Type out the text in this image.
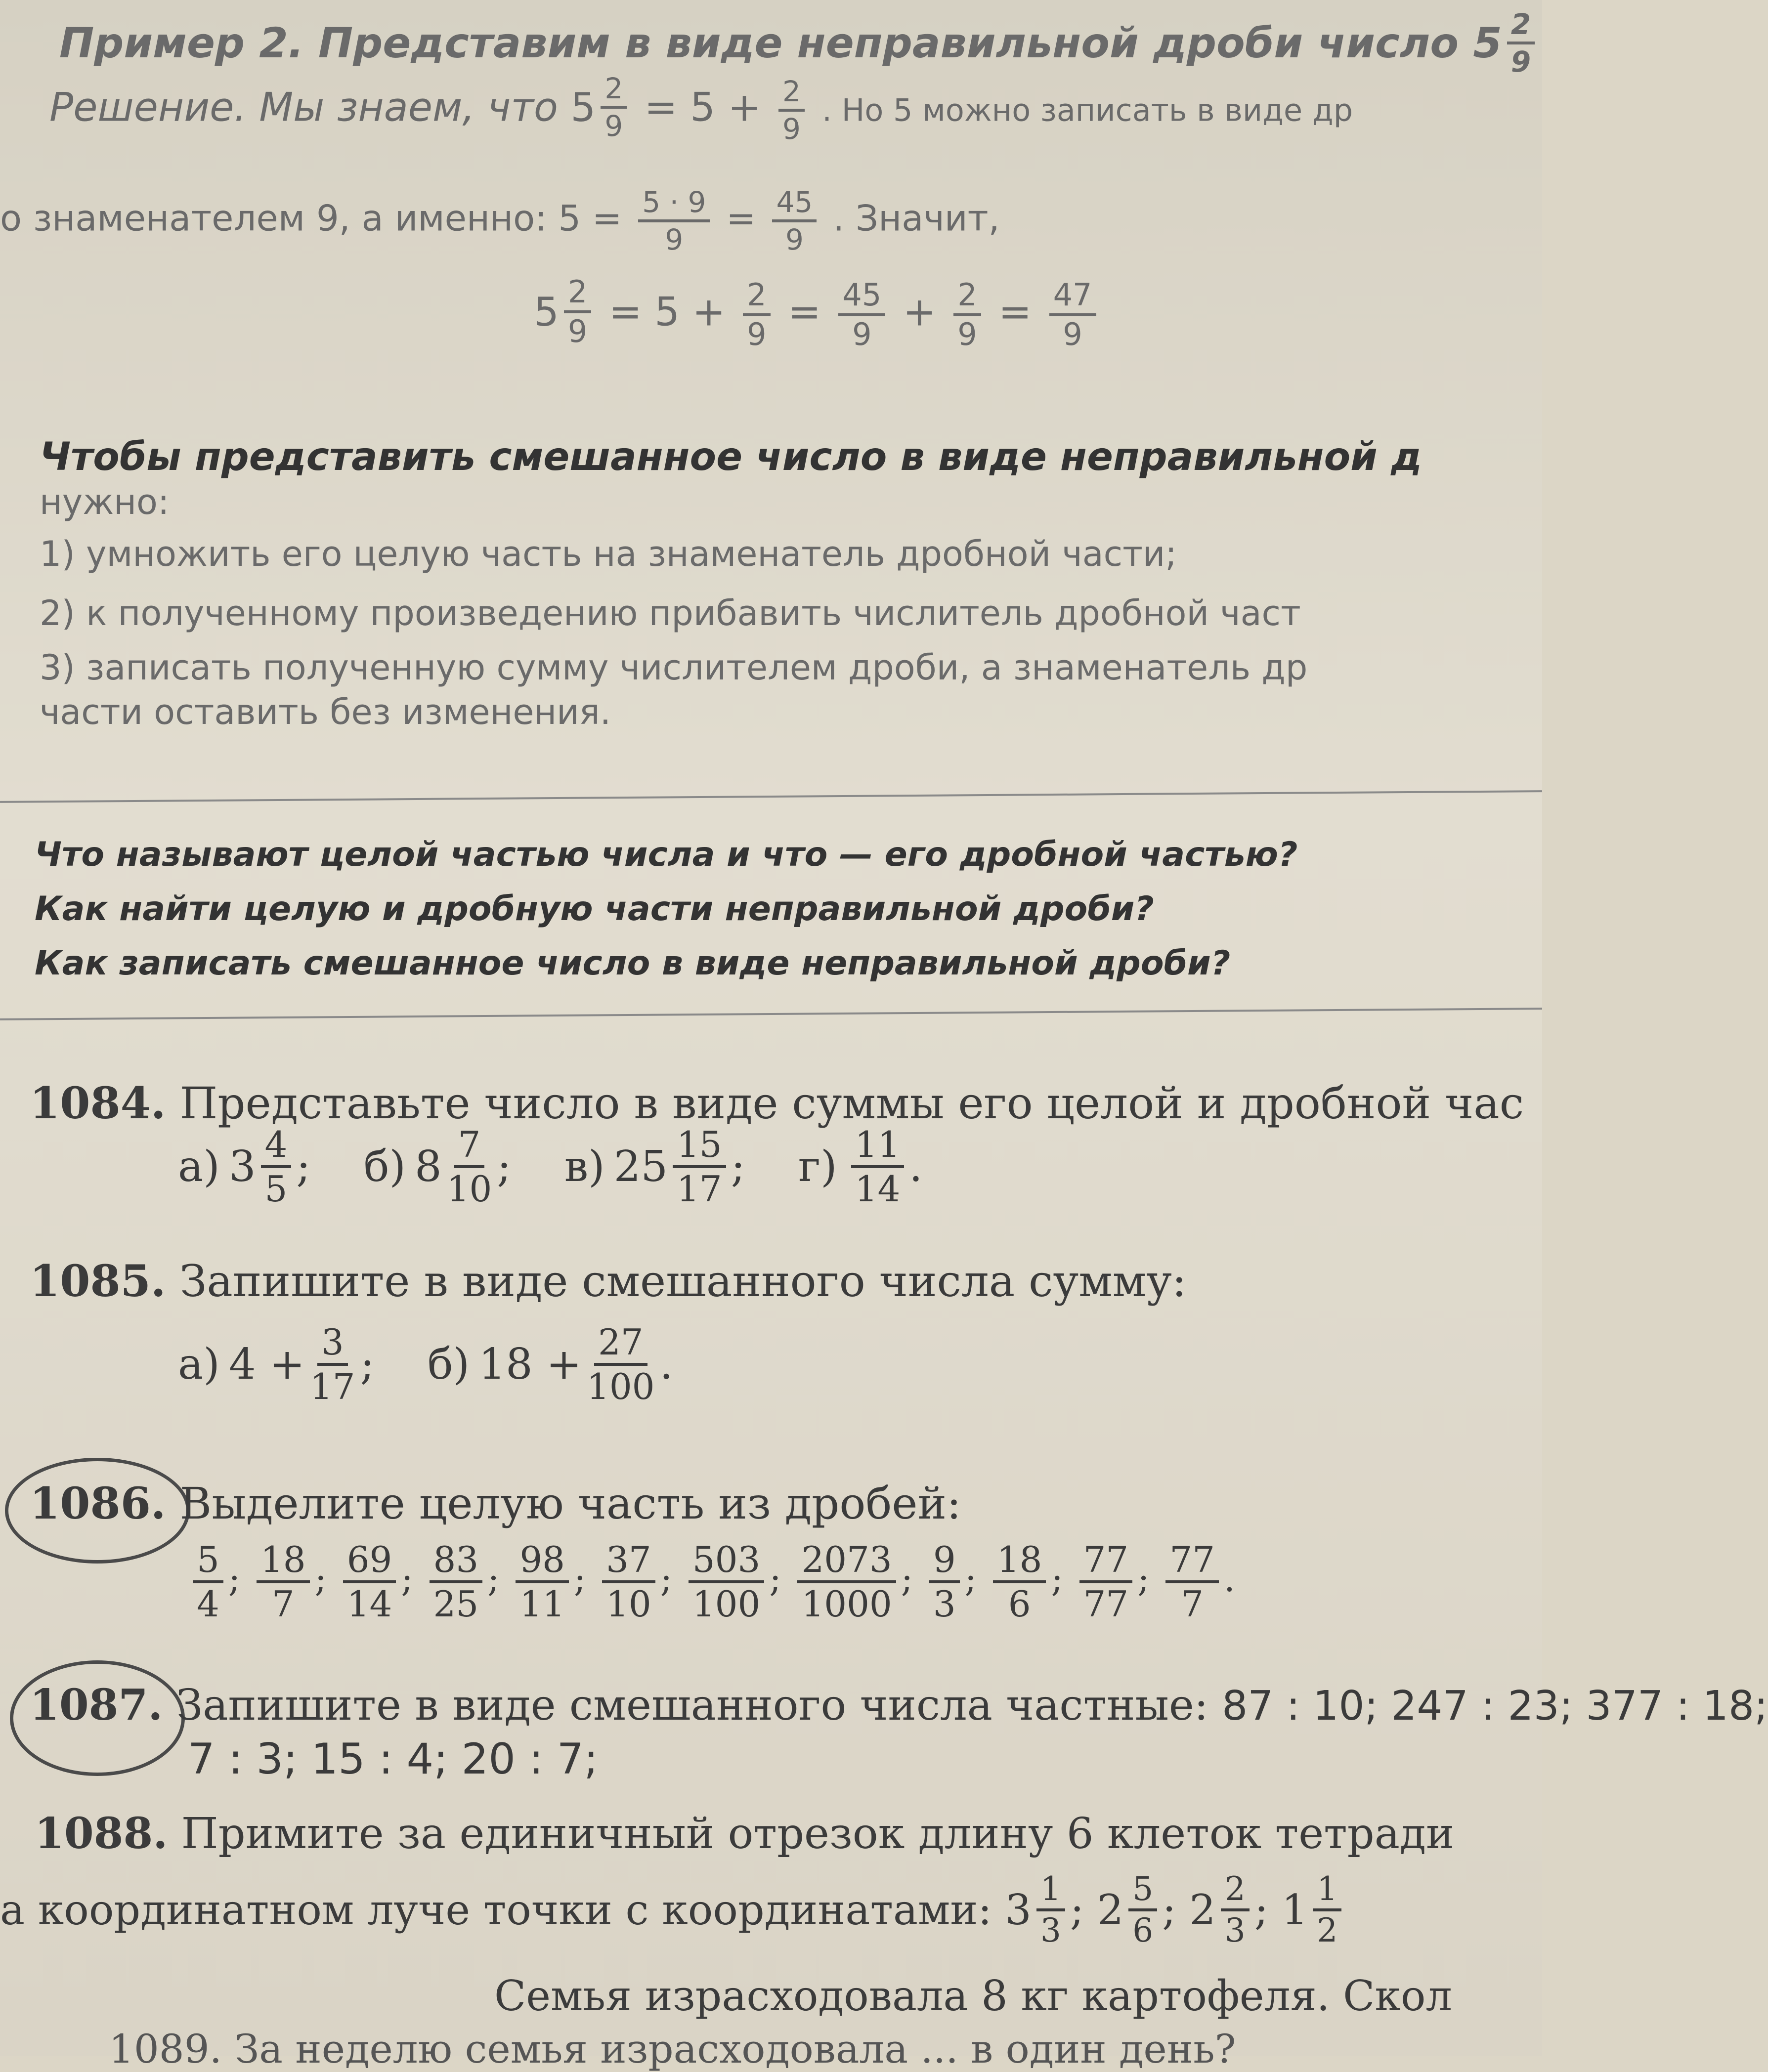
Пример 2. Представим в виде неправильной дроби число $5 \frac{2}{9}$
Решение. Мы знаем, что $5 \frac{2}{9} = 5 + \frac{2}{9}$ . Но 5 можно записать в виде др
о знаменателем 9, а именно: $5 = \frac{5 \cdot 9}{9} = \frac{45}{9}$ . Значит,
$5 \frac{2}{9} = 5 + \frac{2}{9} = \frac{45}{9} + \frac{2}{9} = \frac{47}{9}$
Чтобы представить смешанное число в виде неправильной д
нужно:
1) умножить его целую часть на знаменатель дробной части;
2) к полученному произведению прибавить числитель дробной част
3) записать полученную сумму числителем дроби, а знаменатель др
части оставить без изменения.
Что называют целой частью числа и что — его дробной частью?
Как найти целую и дробную части неправильной дроби?
Как записать смешанное число в виде неправильной дроби?
1084. Представьте число в виде суммы его целой и дробной час
а) $3 \frac{4}{5}$ ;
б) $8 \frac{7}{10}$ ;
в) $25 \frac{15}{17}$ ;
$г) \frac{11}{14}$ .
1085. Запишите в виде смешанного числа сумму:
а) $4 + \frac{3}{17}$ ;
б) $18 + \frac{27}{100}$ .
1086. Выделите целую часть из дробей:
$\frac{5}{4}$ ; $\frac{18}{7}$ ; $\frac{69}{14}$ ; $\frac{83}{25}$ ; $\frac{98}{11}$ ; $\frac{37}{10}$ ; $\frac{503}{100}$ ; $\frac{2073}{1000}$ ; $\frac{9}{3}$ ; $\frac{18}{6}$ ; $\frac{77}{77}$ ; $\frac{77}{7}$ .
1087. Запишите в виде смешанного числа частные: 87 : 10; 247 : 23; 377 : 18;
7 : 3; 15 : 4; 20 : 7;
1088. Примите за единичный отрезок длину 6 клеток тетради
а координатном луче точки с координатами: $3 \frac{1}{3}$ ;
$2 \frac{5}{6}$ ;
$2 \frac{2}{3}$ ;
$1 \frac{1}{2}$
Семья израсходовала 8 кг картофеля. Скол
1089. За неделю семья израсходовала ... в один день?
